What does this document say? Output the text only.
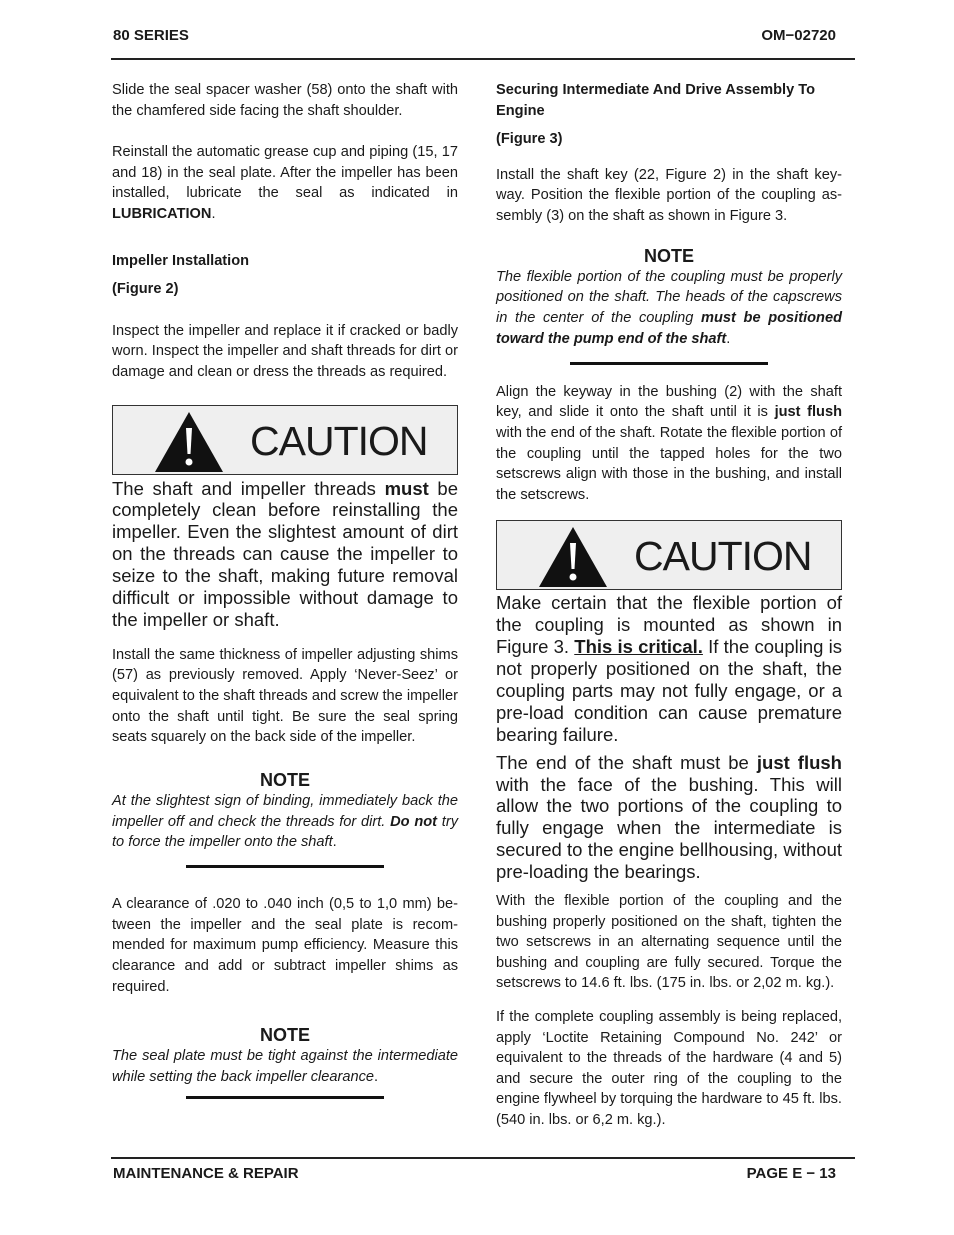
80 SERIES	OM−02720

Slide the seal spacer washer (58) onto the shaft with the chamfered side facing the shaft shoulder.

Reinstall the automatic grease cup and piping (15, 17 and 18) in the seal plate. After the impeller has been installed, lubricate the seal as indicated in LUBRICATION.

Impeller Installation
(Figure 2)

Inspect the impeller and replace it if cracked or badly worn. Inspect the impeller and shaft threads for dirt or damage and clean or dress the threads as required.

CAUTION

The shaft and impeller threads must be completely clean before reinstalling the impeller. Even the slightest amount of dirt on the threads can cause the impeller to seize to the shaft, making future removal difficult or impossible without damage to the impeller or shaft.

Install the same thickness of impeller adjusting shims (57) as previously removed. Apply ‘Never-Seez’ or equivalent to the shaft threads and screw the impeller onto the shaft until tight. Be sure the seal spring seats squarely on the back side of the impeller.

NOTE
At the slightest sign of binding, immediately back the impeller off and check the threads for dirt. Do not try to force the impeller onto the shaft.

A clearance of .020 to .040 inch (0,5 to 1,0 mm) between the impeller and the seal plate is recommended for maximum pump efficiency. Measure this clearance and add or subtract impeller shims as required.

NOTE
The seal plate must be tight against the intermediate while setting the back impeller clearance.
Securing Intermediate And Drive Assembly To Engine
(Figure 3)

Install the shaft key (22, Figure 2) in the shaft keyway. Position the flexible portion of the coupling assembly (3) on the shaft as shown in Figure 3.

NOTE
The flexible portion of the coupling must be properly positioned on the shaft. The heads of the capscrews in the center of the coupling must be positioned toward the pump end of the shaft.

Align the keyway in the bushing (2) with the shaft key, and slide it onto the shaft until it is just flush with the end of the shaft. Rotate the flexible portion of the coupling until the tapped holes for the two setscrews align with those in the bushing, and install the setscrews.

CAUTION

Make certain that the flexible portion of the coupling is mounted as shown in Figure 3. This is critical. If the coupling is not properly positioned on the shaft, the coupling parts may not fully engage, or a pre-load condition can cause premature bearing failure.

The end of the shaft must be just flush with the face of the bushing. This will allow the two portions of the coupling to fully engage when the intermediate is secured to the engine bellhousing, without pre-loading the bearings.

With the flexible portion of the coupling and the bushing properly positioned on the shaft, tighten the two setscrews in an alternating sequence until the bushing and coupling are fully secured. Torque the setscrews to 14.6 ft. lbs. (175 in. lbs. or 2,02 m. kg.).

If the complete coupling assembly is being replaced, apply ‘Loctite Retaining Compound No. 242’ or equivalent to the threads of the hardware (4 and 5) and secure the outer ring of the coupling to the engine flywheel by torquing the hardware to 45 ft. lbs. (540 in. lbs. or 6,2 m. kg.).

MAINTENANCE & REPAIR	PAGE E − 13
